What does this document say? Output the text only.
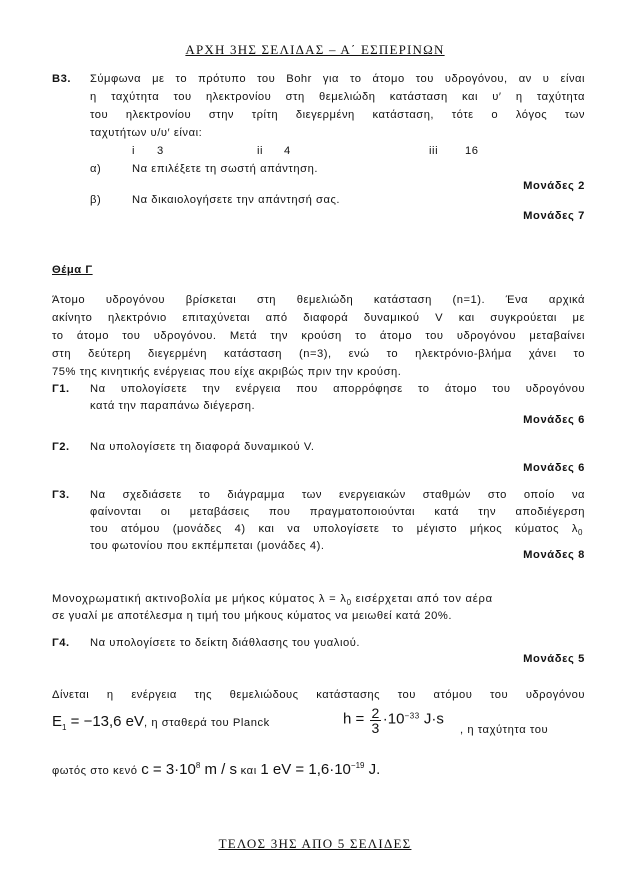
ΑΡΧΗ 3ΗΣ ΣΕΛΙΔΑΣ – Α΄ ΕΣΠΕΡΙΝΩΝ
Β3. Σύμφωνα με το πρότυπο του Bohr για το άτομο του υδρογόνου, αν υ είναι
η ταχύτητα του ηλεκτρονίου στη θεμελιώδη κατάσταση και υ′ η ταχύτητα
του ηλεκτρονίου στην τρίτη διεγερμένη κατάσταση, τότε ο λόγος των
ταχυτήτων υ/υ′ είναι:
i 3	ii 4	iii 16
α)	Να επιλέξετε τη σωστή απάντηση.
Μονάδες 2
β)	Να δικαιολογήσετε την απάντησή σας.
Μονάδες 7
Θέμα Γ
Άτομο υδρογόνου βρίσκεται στη θεμελιώδη κατάσταση (n=1). Ένα αρχικά
ακίνητο ηλεκτρόνιο επιταχύνεται από διαφορά δυναμικού V και συγκρούεται με
το άτομο του υδρογόνου. Μετά την κρούση το άτομο του υδρογόνου μεταβαίνει
στη δεύτερη διεγερμένη κατάσταση (n=3), ενώ το ηλεκτρόνιο-βλήμα χάνει το
75% της κινητικής ενέργειας που είχε ακριβώς πριν την κρούση.
Γ1. Να υπολογίσετε την ενέργεια που απορρόφησε το άτομο του υδρογόνου
κατά την παραπάνω διέγερση.
Μονάδες 6
Γ2. Να υπολογίσετε τη διαφορά δυναμικού V.
Μονάδες 6
Γ3. Να σχεδιάσετε το διάγραμμα των ενεργειακών σταθμών στο οποίο να
φαίνονται οι μεταβάσεις που πραγματοποιούνται κατά την αποδιέγερση
του ατόμου (μονάδες 4) και να υπολογίσετε το μέγιστο μήκος κύματος λ 0
του φωτονίου που εκπέμπεται (μονάδες 4).
Μονάδες 8
Μονοχρωματική ακτινοβολία με μήκος κύματος $\lambda = \lambda_0$ εισέρχεται από τον αέρα
σε γυαλί με αποτέλεσμα η τιμή του μήκους κύματος να μειωθεί κατά 20%.
Γ4. Να υπολογίσετε το δείκτη διάθλασης του γυαλιού.
Μονάδες 5
Δίνεται η ενέργεια της θεμελιώδους κατάστασης του ατόμου του υδρογόνου
$E_1 = -13,6$ eV, η σταθερά του Planck	$h = \frac{2}{3} \cdot 10^{-33}$ J·s
, η ταχύτητα του
φωτός στο κενό $c = 3\cdot 10^8$ m / s και 1 eV = $1,6\cdot 10^{-19}$ J.
ΤΕΛΟΣ 3ΗΣ ΑΠΟ 5 ΣΕΛΙΔΕΣ
